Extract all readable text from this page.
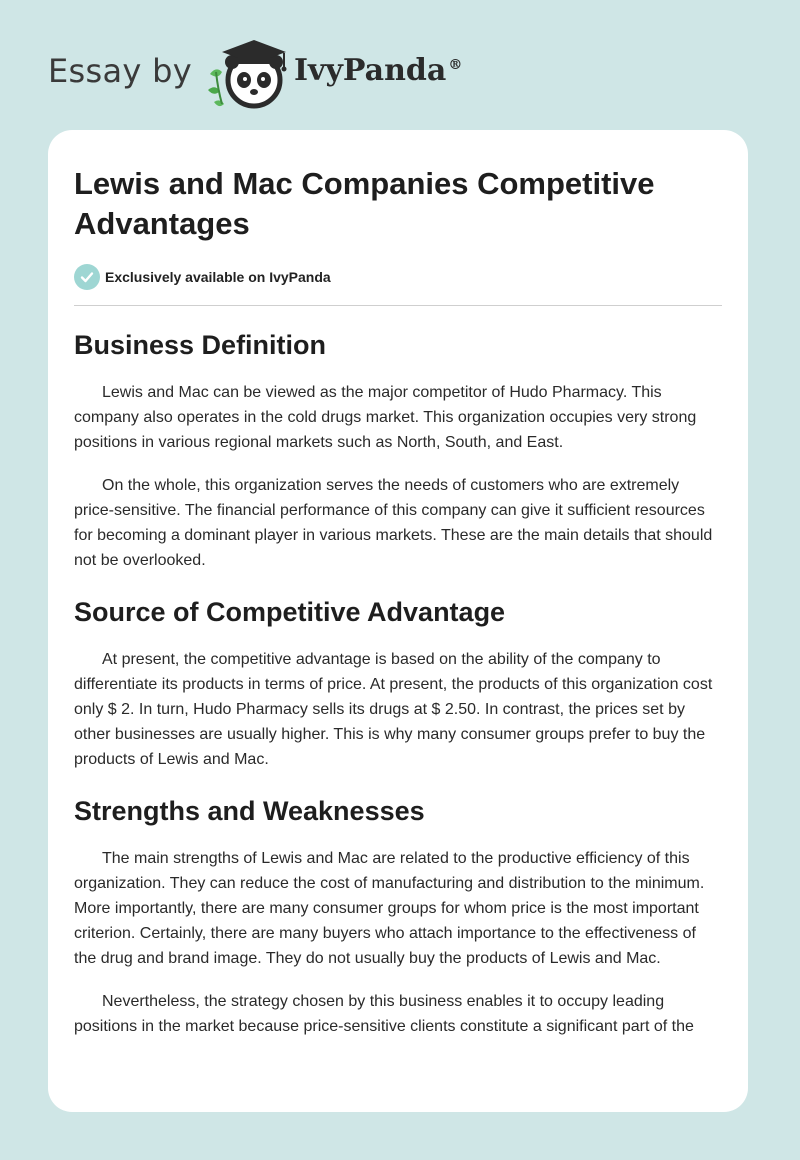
Essay by	IvyPanda ®
Lewis and Mac Companies Competitive Advantages
Exclusively available on IvyPanda
Business Definition

Lewis and Mac can be viewed as the major competitor of Hudo Pharmacy. This company also operates in the cold drugs market. This organization occupies very strong positions in various regional markets such as North, South, and East.

On the whole, this organization serves the needs of customers who are extremely price-sensitive. The financial performance of this company can give it sufficient resources for becoming a dominant player in various markets. These are the main details that should not be overlooked.

Source of Competitive Advantage

At present, the competitive advantage is based on the ability of the company to differentiate its products in terms of price. At present, the products of this organization cost only $ 2. In turn, Hudo Pharmacy sells its drugs at $ 2.50. In contrast, the prices set by other businesses are usually higher. This is why many consumer groups prefer to buy the products of Lewis and Mac.

Strengths and Weaknesses

The main strengths of Lewis and Mac are related to the productive efficiency of this organization. They can reduce the cost of manufacturing and distribution to the minimum. More importantly, there are many consumer groups for whom price is the most important criterion. Certainly, there are many buyers who attach importance to the effectiveness of the drug and brand image. They do not usually buy the products of Lewis and Mac.

Nevertheless, the strategy chosen by this business enables it to occupy leading positions in the market because price-sensitive clients constitute a significant part of the
